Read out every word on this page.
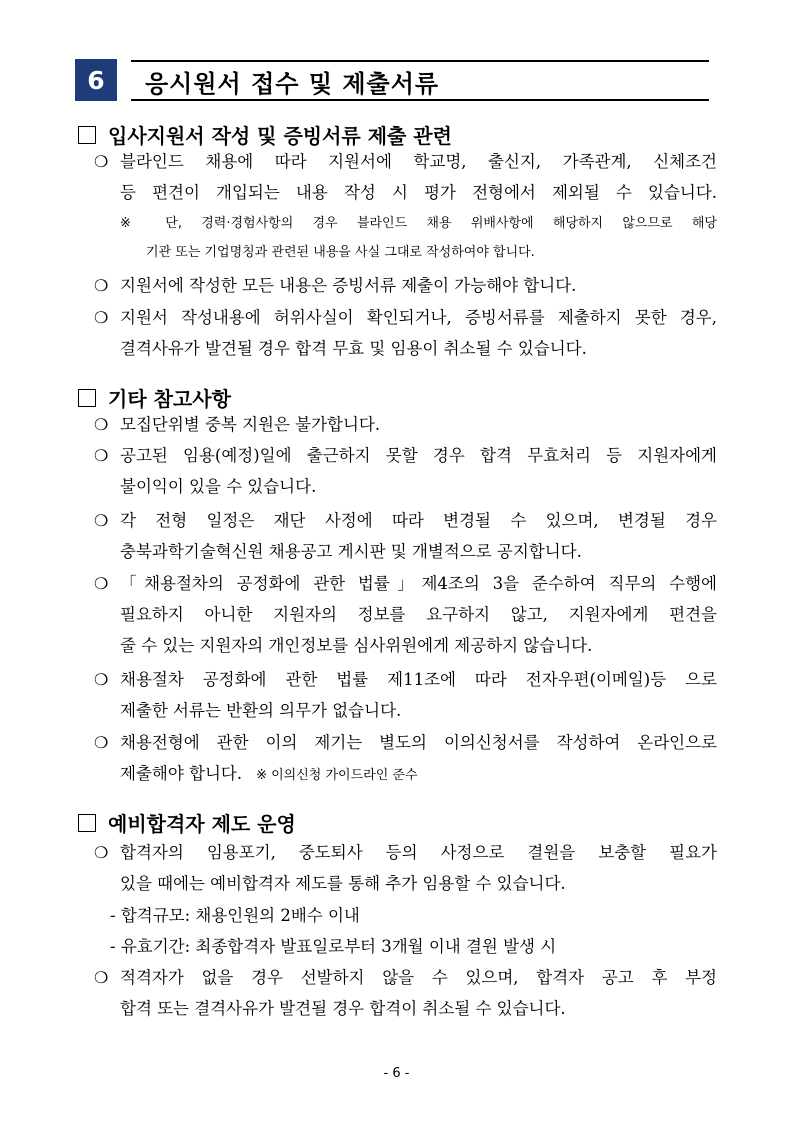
6	응시원서 접수 및 제출서류
입사지원서 작성 및 증빙서류 제출 관련
❍ 블라인드 채용에 따라 지원서에 학교명, 출신지, 가족관계, 신체조건
등 편견이 개입되는 내용 작성 시 평가 전형에서 제외될 수 있습니다.
※ 단, 경력·경험사항의 경우 블라인드 채용 위배사항에 해당하지 않으므로 해당
기관 또는 기업명칭과 관련된 내용을 사실 그대로 작성하여야 합니다.
❍ 지원서에 작성한 모든 내용은 증빙서류 제출이 가능해야 합니다.
❍ 지원서 작성내용에 허위사실이 확인되거나, 증빙서류를 제출하지 못한 경우,
결격사유가 발견될 경우 합격 무효 및 임용이 취소될 수 있습니다.
기타 참고사항
❍ 모집단위별 중복 지원은 불가합니다.
❍ 공고된 임용(예정)일에 출근하지 못할 경우 합격 무효처리 등 지원자에게
불이익이 있을 수 있습니다.
❍ 각 전형 일정은 재단 사정에 따라 변경될 수 있으며, 변경될 경우
충북과학기술혁신원 채용공고 게시판 및 개별적으로 공지합니다.
❍ 「채용절차의 공정화에 관한 법률」제4조의 3을 준수하여 직무의 수행에
필요하지 아니한 지원자의 정보를 요구하지 않고, 지원자에게 편견을
줄 수 있는 지원자의 개인정보를 심사위원에게 제공하지 않습니다.
❍ 채용절차 공정화에 관한 법률 제11조에 따라 전자우편(이메일)등 으로
제출한 서류는 반환의 의무가 없습니다.
❍ 채용전형에 관한 이의 제기는 별도의 이의신청서를 작성하여 온라인으로
제출해야 합니다. ※ 이의신청 가이드라인 준수
예비합격자 제도 운영
❍ 합격자의 임용포기, 중도퇴사 등의 사정으로 결원을 보충할 필요가
있을 때에는 예비합격자 제도를 통해 추가 임용할 수 있습니다.
- 합격규모: 채용인원의 2배수 이내
- 유효기간: 최종합격자 발표일로부터 3개월 이내 결원 발생 시
❍ 적격자가 없을 경우 선발하지 않을 수 있으며, 합격자 공고 후 부정
합격 또는 결격사유가 발견될 경우 합격이 취소될 수 있습니다.
- 6 -
